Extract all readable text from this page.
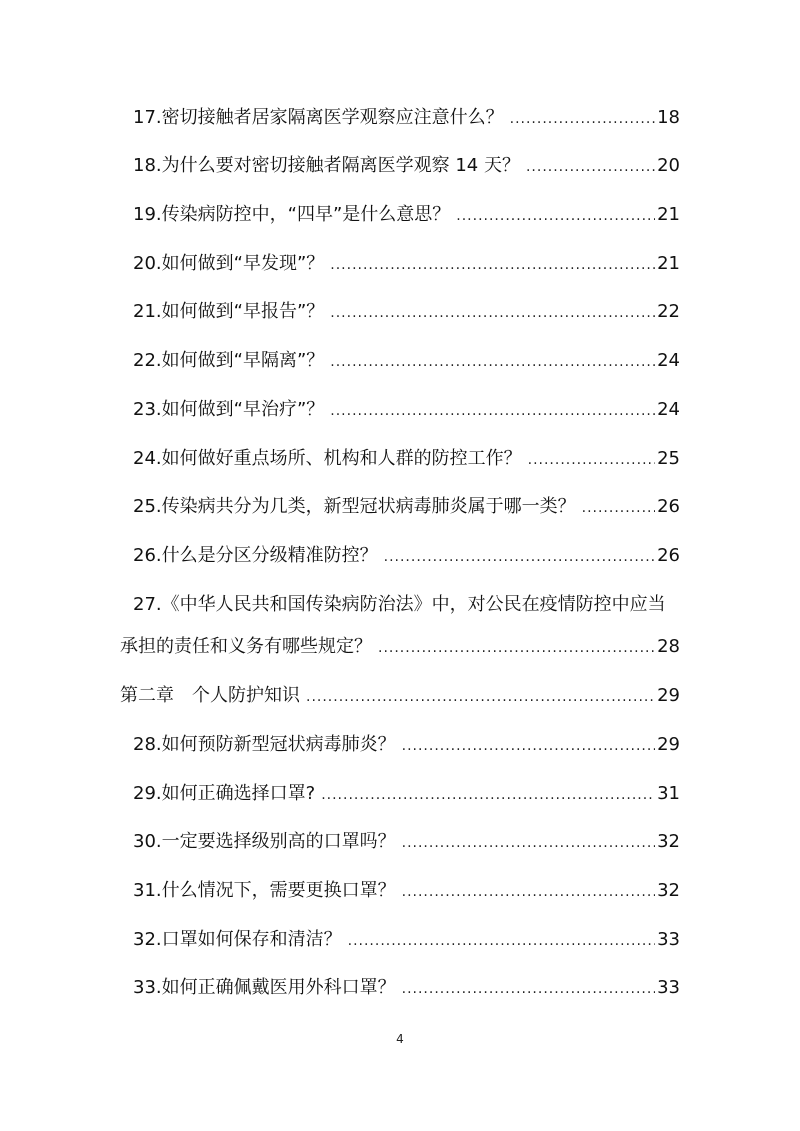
17.密切接触者居家隔离医学观察应注意什么？ .....	18
18.为什么要对密切接触者隔离医学观察 14 天？ .....	20
19.传染病防控中，“四早”是什么意思？ .....	21
20.如何做到“早发现”？ .....	21
21.如何做到“早报告”？ .....	22
22.如何做到“早隔离”？ .....	24
23.如何做到“早治疗”？ .....	24
24.如何做好重点场所、机构和人群的防控工作？ .....	25
25.传染病共分为几类，新型冠状病毒肺炎属于哪一类？ .....	26
26.什么是分区分级精准防控？ .....	26
27.《中华人民共和国传染病防治法》中，对公民在疫情防控中应当
承担的责任和义务有哪些规定？ .....	28
第二章　个人防护知识 .....	29
28.如何预防新型冠状病毒肺炎？ .....	29
29.如何正确选择口罩? .....	31
30.一定要选择级别高的口罩吗？ .....	32
31.什么情况下，需要更换口罩？ .....	32
32.口罩如何保存和清洁？ .....	33
33.如何正确佩戴医用外科口罩？ .....	33
4
